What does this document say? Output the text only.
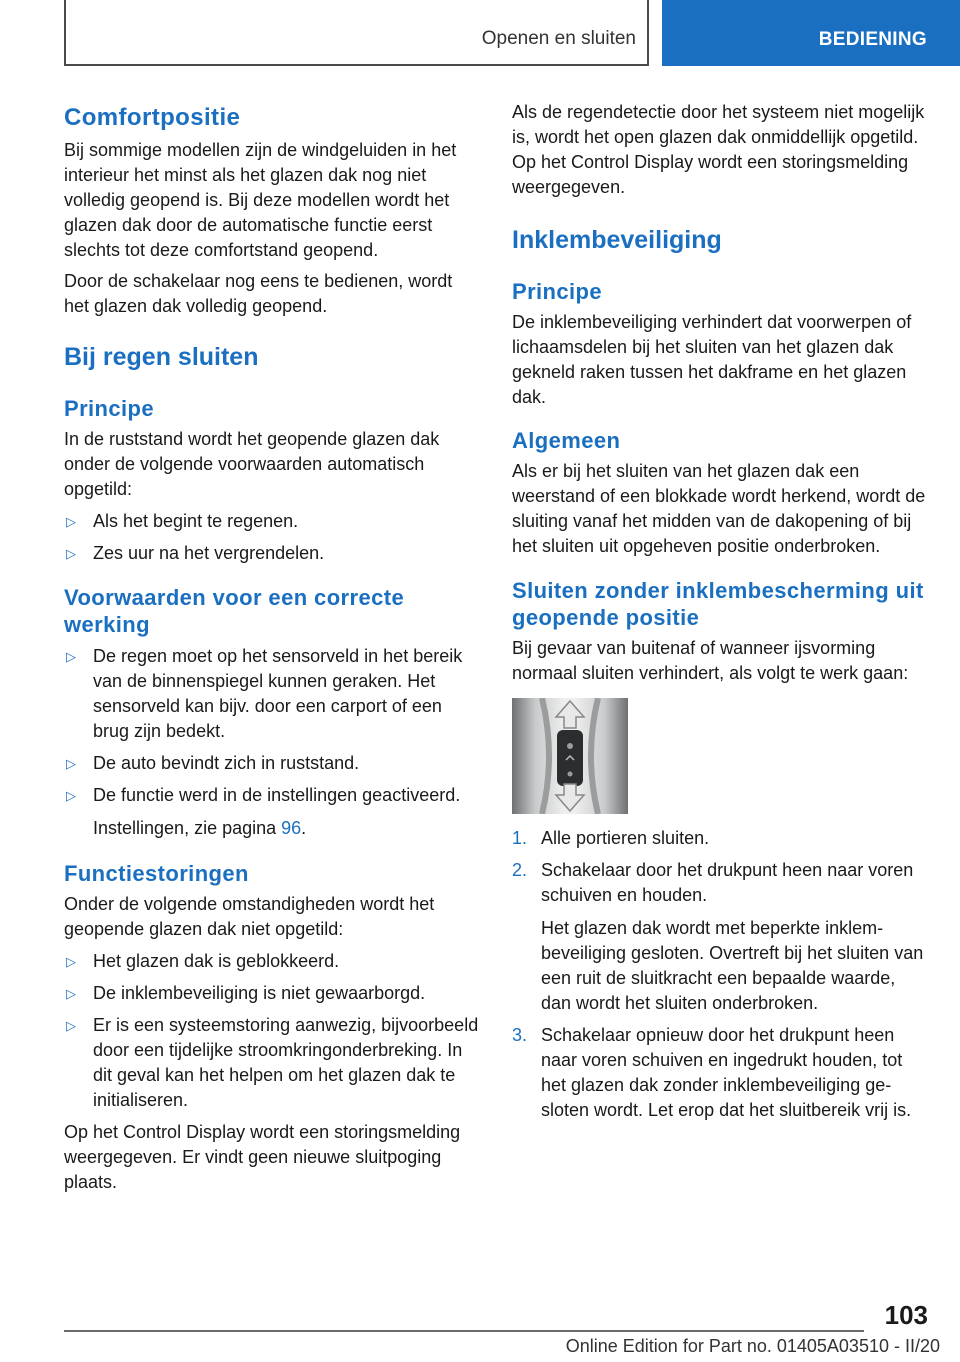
Openen en sluiten	BEDIENING
Comfortpositie

Bij sommige modellen zijn de windgeluiden in het interieur het minst als het glazen dak nog niet volledig geopend is. Bij deze modellen wordt het glazen dak door de automatische functie eerst slechts tot deze comfortstand geopend.

Door de schakelaar nog eens te bedienen, wordt het glazen dak volledig geopend.

Bij regen sluiten
Principe

In de ruststand wordt het geopende glazen dak onder de volgende voorwaarden automatisch opgetild:

▷ Als het begint te regenen.
▷ Zes uur na het vergrendelen.
Voorwaarden voor een correcte werking
▷ De regen moet op het sensorveld in het bereik van de binnenspiegel kunnen geraken. Het sensorveld kan bijv. door een carport of een brug zijn bedekt.
▷ De auto bevindt zich in ruststand.
▷ De functie werd in de instellingen geactiveerd.
Instellingen, zie pagina 96.
Functiestoringen

Onder de volgende omstandigheden wordt het geopende glazen dak niet opgetild:

▷ Het glazen dak is geblokkeerd.
▷ De inklembeveiliging is niet gewaarborgd.
▷ Er is een systeemstoring aanwezig, bijvoorbeeld door een tijdelijke stroomkringonderbreking. In dit geval kan het helpen om het glazen dak te initialiseren.

Op het Control Display wordt een storingsmelding weergegeven. Er vindt geen nieuwe sluitpoging plaats.

Als de regendetectie door het systeem niet mogelijk is, wordt het open glazen dak onmiddellijk opgetild. Op het Control Display wordt een storingsmelding weergegeven.

Inklembeveiliging
Principe

De inklembeveiliging verhindert dat voorwerpen of lichaamsdelen bij het sluiten van het glazen dak gekneld raken tussen het dakframe en het glazen dak.

Algemeen

Als er bij het sluiten van het glazen dak een weerstand of een blokkade wordt herkend, wordt de sluiting vanaf het midden van de dakopening of bij het sluiten uit opgeheven positie onderbroken.

Sluiten zonder inklembescherming uit geopende positie

Bij gevaar van buitenaf of wanneer ijsvorming normaal sluiten verhindert, als volgt te werk gaan:

1. Alle portieren sluiten.
2. Schakelaar door het drukpunt heen naar voren schuiven en houden.
Het glazen dak wordt met beperkte inklembeveiliging gesloten. Overtreft bij het sluiten van een ruit de sluitkracht een bepaalde waarde, dan wordt het sluiten onderbroken.
3. Schakelaar opnieuw door het drukpunt heen naar voren schuiven en ingedrukt houden, tot het glazen dak zonder inklembeveiliging gesloten wordt. Let erop dat het sluitbereik vrij is.
103
Online Edition for Part no. 01405A03510 - II/20
